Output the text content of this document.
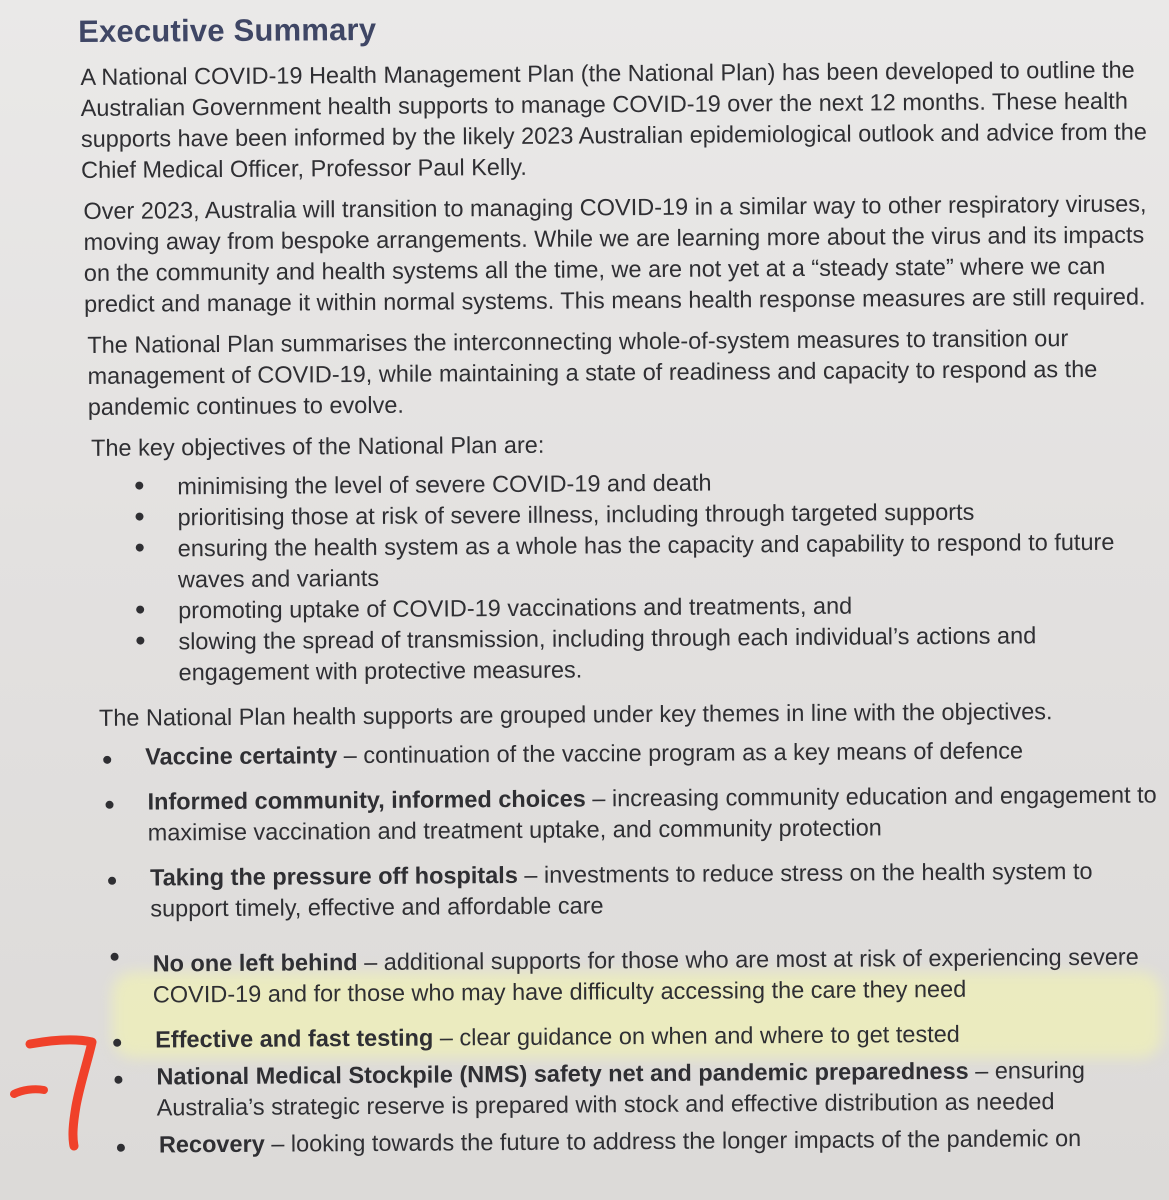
Executive Summary

A National COVID-19 Health Management Plan (the National Plan) has been developed to outline the Australian Government health supports to manage COVID-19 over the next 12 months. These health supports have been informed by the likely 2023 Australian epidemiological outlook and advice from the Chief Medical Officer, Professor Paul Kelly.

Over 2023, Australia will transition to managing COVID-19 in a similar way to other respiratory viruses, moving away from bespoke arrangements. While we are learning more about the virus and its impacts on the community and health systems all the time, we are not yet at a “steady state” where we can predict and manage it within normal systems. This means health response measures are still required.

The National Plan summarises the interconnecting whole-of-system measures to transition our management of COVID-19, while maintaining a state of readiness and capacity to respond as the pandemic continues to evolve.

The key objectives of the National Plan are:

minimising the level of severe COVID-19 and death
prioritising those at risk of severe illness, including through targeted supports
ensuring the health system as a whole has the capacity and capability to respond to future waves and variants
promoting uptake of COVID-19 vaccinations and treatments, and
slowing the spread of transmission, including through each individual’s actions and engagement with protective measures.

The National Plan health supports are grouped under key themes in line with the objectives.

Vaccine certainty – continuation of the vaccine program as a key means of defence
Informed community, informed choices – increasing community education and engagement to maximise vaccination and treatment uptake, and community protection
Taking the pressure off hospitals – investments to reduce stress on the health system to support timely, effective and affordable care
No one left behind – additional supports for those who are most at risk of experiencing severe COVID-19 and for those who may have difficulty accessing the care they need
Effective and fast testing – clear guidance on when and where to get tested
National Medical Stockpile (NMS) safety net and pandemic preparedness – ensuring Australia’s strategic reserve is prepared with stock and effective distribution as needed
Recovery – looking towards the future to address the longer impacts of the pandemic on
